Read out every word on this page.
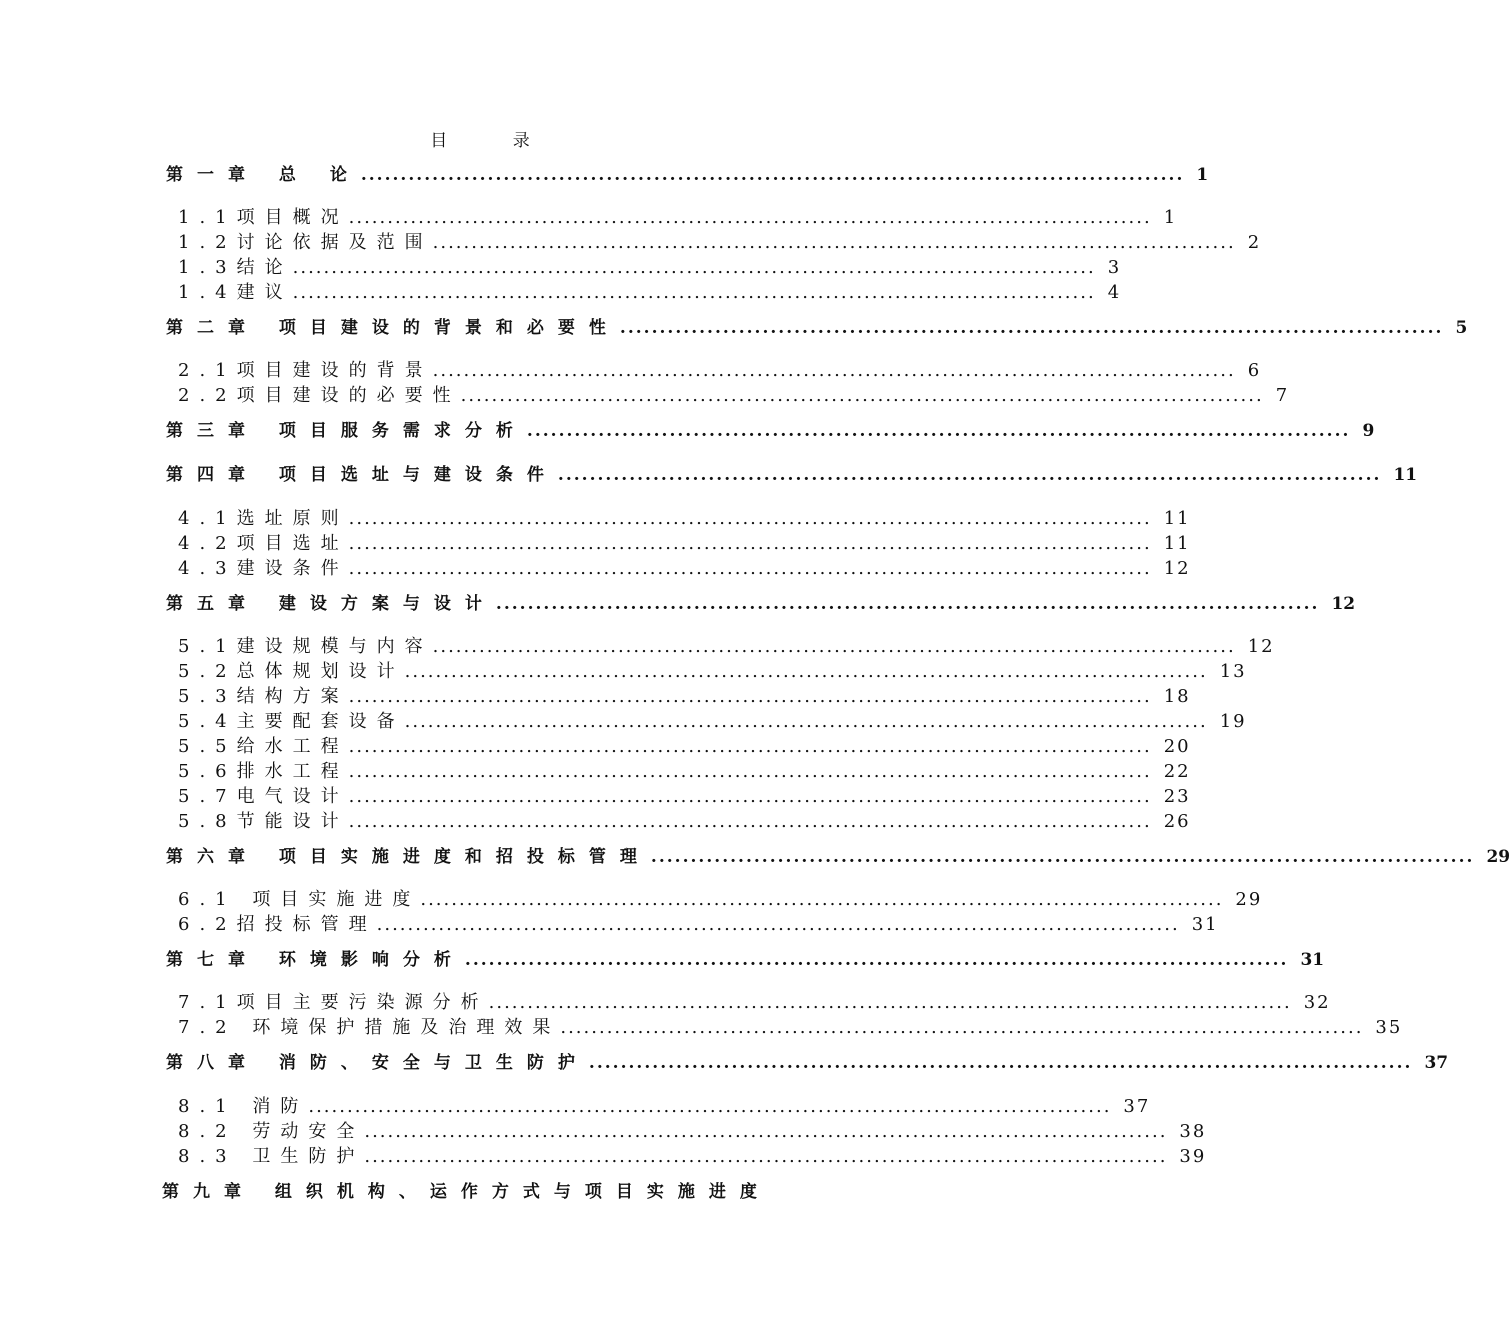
目 录
第一章 总 论 ........................................................................................................ 1
1.1项目概况 ........................................................................................................ 1
1.2讨论依据及范围 ........................................................................................................ 2
1.3结论 ........................................................................................................ 3
1.4建议 ........................................................................................................ 4
第二章 项目建设的背景和必要性 ........................................................................................................ 5
2.1项目建设的背景 ........................................................................................................ 6
2.2项目建设的必要性 ........................................................................................................ 7
第三章 项目服务需求分析 ........................................................................................................ 9
第四章 项目选址与建设条件 ........................................................................................................ 11
4.1选址原则 ........................................................................................................ 11
4.2项目选址 ........................................................................................................ 11
4.3建设条件 ........................................................................................................ 12
第五章 建设方案与设计 ........................................................................................................ 12
5.1建设规模与内容 ........................................................................................................ 12
5.2总体规划设计 ........................................................................................................ 13
5.3结构方案 ........................................................................................................ 18
5.4主要配套设备 ........................................................................................................ 19
5.5给水工程 ........................................................................................................ 20
5.6排水工程 ........................................................................................................ 22
5.7电气设计 ........................................................................................................ 23
5.8节能设计 ........................................................................................................ 26
第六章 项目实施进度和招投标管理 ........................................................................................................ 29
6.1 项目实施进度 ........................................................................................................ 29
6.2招投标管理 ........................................................................................................ 31
第七章 环境影响分析 ........................................................................................................ 31
7.1项目主要污染源分析 ........................................................................................................ 32
7.2 环境保护措施及治理效果 ........................................................................................................ 35
第八章 消防、安全与卫生防护 ........................................................................................................ 37
8.1 消防 ........................................................................................................ 37
8.2 劳动安全 ........................................................................................................ 38
8.3 卫生防护 ........................................................................................................ 39
第九章 组织机构、运作方式与项目实施进度
